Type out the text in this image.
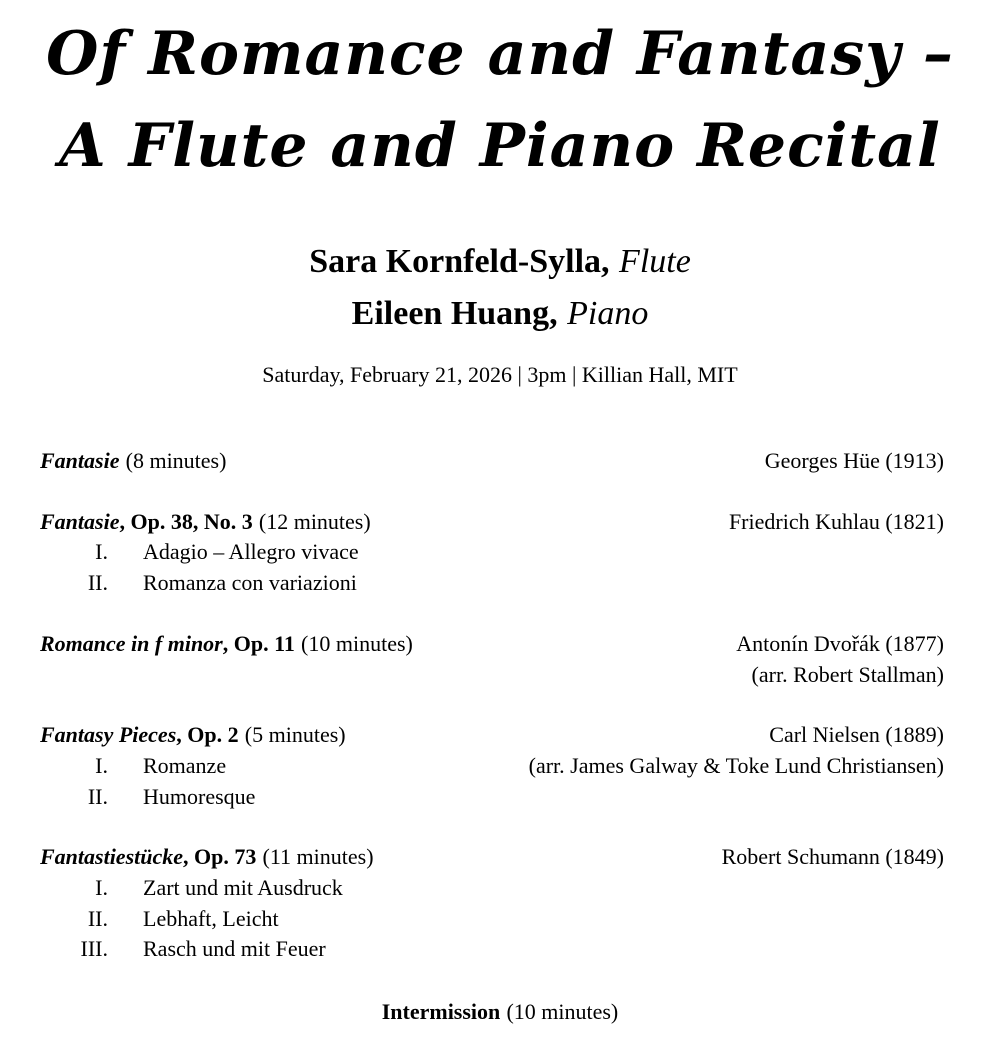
Of Romance and Fantasy –
A Flute and Piano Recital
Sara Kornfeld-Sylla, Flute
Eileen Huang, Piano
Saturday, February 21, 2026 | 3pm | Killian Hall, MIT
Fantasie (8 minutes)	Georges Hüe (1913)
Fantasie, Op. 38, No. 3 (12 minutes)
I. Adagio – Allegro vivace
II. Romanza con variazioni
Friedrich Kuhlau (1821)
Romance in f minor, Op. 11 (10 minutes)	Antonín Dvořák (1877)
(arr. Robert Stallman)
Fantasy Pieces, Op. 2 (5 minutes)
I. Romanze
II. Humoresque
Carl Nielsen (1889)
(arr. James Galway & Toke Lund Christiansen)
Fantastiestücke, Op. 73 (11 minutes)
I. Zart und mit Ausdruck
II. Lebhaft, Leicht
III. Rasch und mit Feuer
Robert Schumann (1849)
Intermission (10 minutes)
